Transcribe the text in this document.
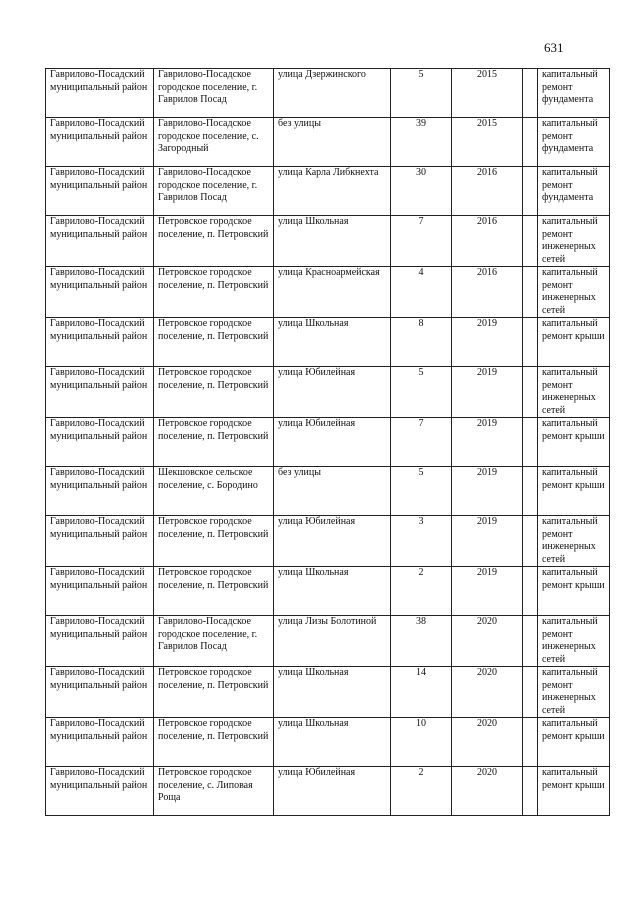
631
Гаврилово-Посадский муниципальный район	Гаврилово-Посадское городское поселение, г. Гаврилов Посад	улица Дзержинского	5	2015		капитальный ремонт фундамента
Гаврилово-Посадский муниципальный район	Гаврилово-Посадское городское поселение, с. Загородный	без улицы	39	2015		капитальный ремонт фундамента
Гаврилово-Посадский муниципальный район	Гаврилово-Посадское городское поселение, г. Гаврилов Посад	улица Карла Либкнехта	30	2016		капитальный ремонт фундамента
Гаврилово-Посадский муниципальный район	Петровское городское поселение, п. Петровский	улица Школьная	7	2016		капитальный ремонт инженерных сетей
Гаврилово-Посадский муниципальный район	Петровское городское поселение, п. Петровский	улица Красноармейская	4	2016		капитальный ремонт инженерных сетей
Гаврилово-Посадский муниципальный район	Петровское городское поселение, п. Петровский	улица Школьная	8	2019		капитальный ремонт крыши
Гаврилово-Посадский муниципальный район	Петровское городское поселение, п. Петровский	улица Юбилейная	5	2019		капитальный ремонт инженерных сетей
Гаврилово-Посадский муниципальный район	Петровское городское поселение, п. Петровский	улица Юбилейная	7	2019		капитальный ремонт крыши
Гаврилово-Посадский муниципальный район	Шекшовское сельское поселение, с. Бородино	без улицы	5	2019		капитальный ремонт крыши
Гаврилово-Посадский муниципальный район	Петровское городское поселение, п. Петровский	улица Юбилейная	3	2019		капитальный ремонт инженерных сетей
Гаврилово-Посадский муниципальный район	Петровское городское поселение, п. Петровский	улица Школьная	2	2019		капитальный ремонт крыши
Гаврилово-Посадский муниципальный район	Гаврилово-Посадское городское поселение, г. Гаврилов Посад	улица Лизы Болотиной	38	2020		капитальный ремонт инженерных сетей
Гаврилово-Посадский муниципальный район	Петровское городское поселение, п. Петровский	улица Школьная	14	2020		капитальный ремонт инженерных сетей
Гаврилово-Посадский муниципальный район	Петровское городское поселение, п. Петровский	улица Школьная	10	2020		капитальный ремонт крыши
Гаврилово-Посадский муниципальный район	Петровское городское поселение, с. Липовая Роща	улица Юбилейная	2	2020		капитальный ремонт крыши
